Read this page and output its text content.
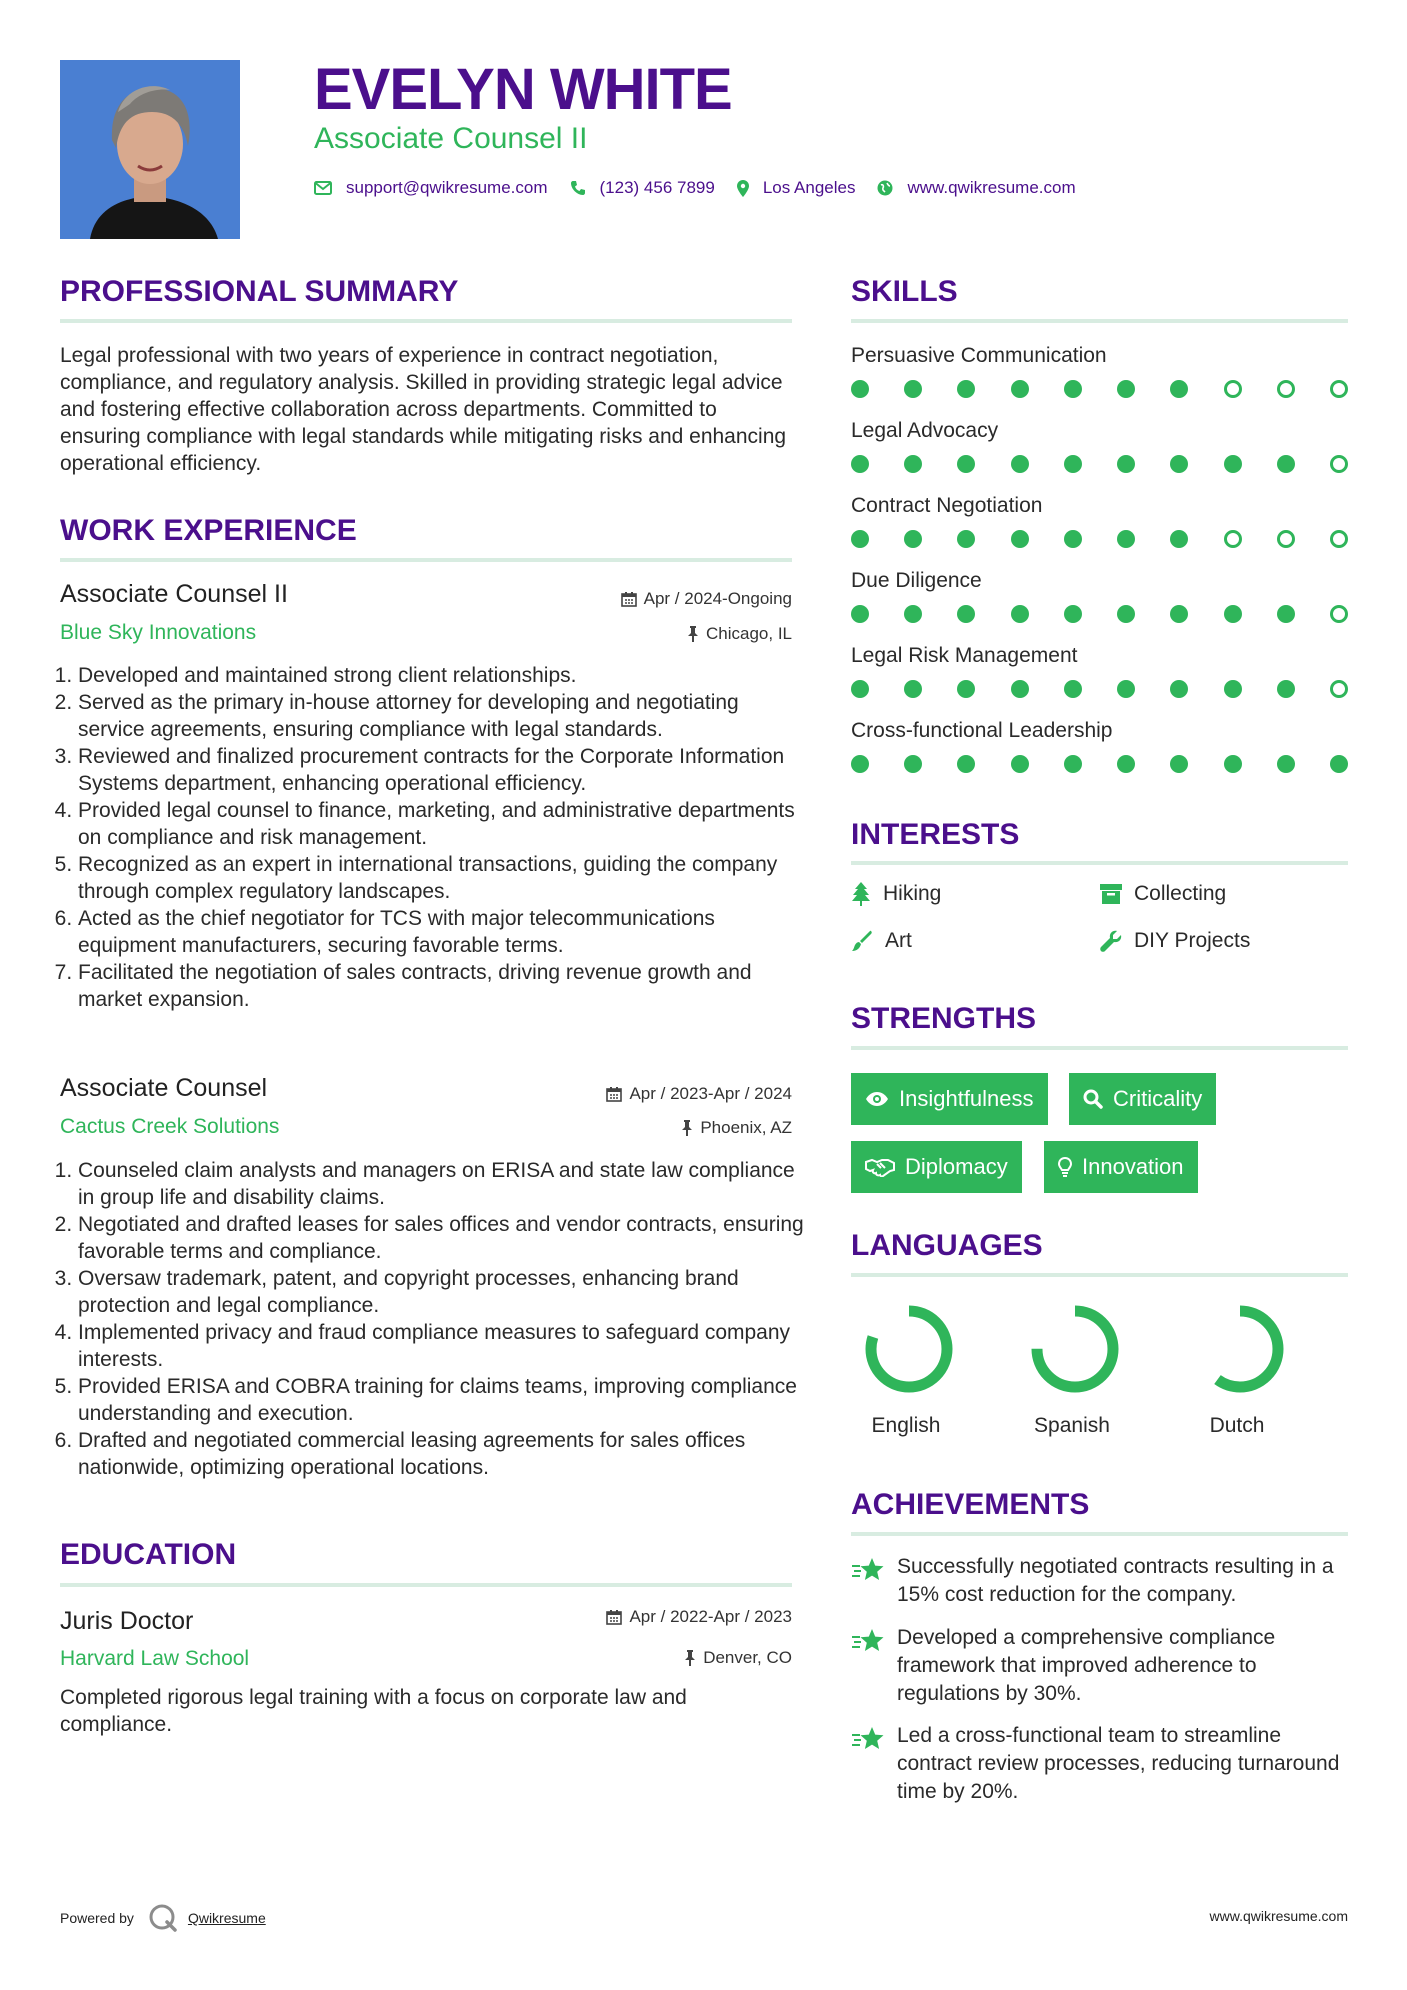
EVELYN WHITE
Associate Counsel II
support@qwikresume.com	(123) 456 7899	Los Angeles	www.qwikresume.com
PROFESSIONAL SUMMARY
Legal professional with two years of experience in contract negotiation, compliance, and regulatory analysis. Skilled in providing strategic legal advice and fostering effective collaboration across departments. Committed to ensuring compliance with legal standards while mitigating risks and enhancing operational efficiency.
WORK EXPERIENCE
Associate Counsel II	Apr / 2024-Ongoing
Blue Sky Innovations	Chicago, IL
1. Developed and maintained strong client relationships.
2. Served as the primary in-house attorney for developing and negotiating service agreements, ensuring compliance with legal standards.
3. Reviewed and finalized procurement contracts for the Corporate Information Systems department, enhancing operational efficiency.
4. Provided legal counsel to finance, marketing, and administrative departments on compliance and risk management.
5. Recognized as an expert in international transactions, guiding the company through complex regulatory landscapes.
6. Acted as the chief negotiator for TCS with major telecommunications equipment manufacturers, securing favorable terms.
7. Facilitated the negotiation of sales contracts, driving revenue growth and market expansion.
Associate Counsel	Apr / 2023-Apr / 2024
Cactus Creek Solutions	Phoenix, AZ
1. Counseled claim analysts and managers on ERISA and state law compliance in group life and disability claims.
2. Negotiated and drafted leases for sales offices and vendor contracts, ensuring favorable terms and compliance.
3. Oversaw trademark, patent, and copyright processes, enhancing brand protection and legal compliance.
4. Implemented privacy and fraud compliance measures to safeguard company interests.
5. Provided ERISA and COBRA training for claims teams, improving compliance understanding and execution.
6. Drafted and negotiated commercial leasing agreements for sales offices nationwide, optimizing operational locations.
EDUCATION
Juris Doctor	Apr / 2022-Apr / 2023
Harvard Law School	Denver, CO
Completed rigorous legal training with a focus on corporate law and compliance.
SKILLS
Persuasive Communication
Legal Advocacy
Contract Negotiation
Due Diligence
Legal Risk Management
Cross-functional Leadership
INTERESTS
Hiking	Collecting
Art	DIY Projects
STRENGTHS
Insightfulness	Criticality
Diplomacy	Innovation
LANGUAGES
English	Spanish	Dutch
ACHIEVEMENTS
Successfully negotiated contracts resulting in a 15% cost reduction for the company.
Developed a comprehensive compliance framework that improved adherence to regulations by 30%.
Led a cross-functional team to streamline contract review processes, reducing turnaround time by 20%.
Powered by	Qwikresume	www.qwikresume.com
